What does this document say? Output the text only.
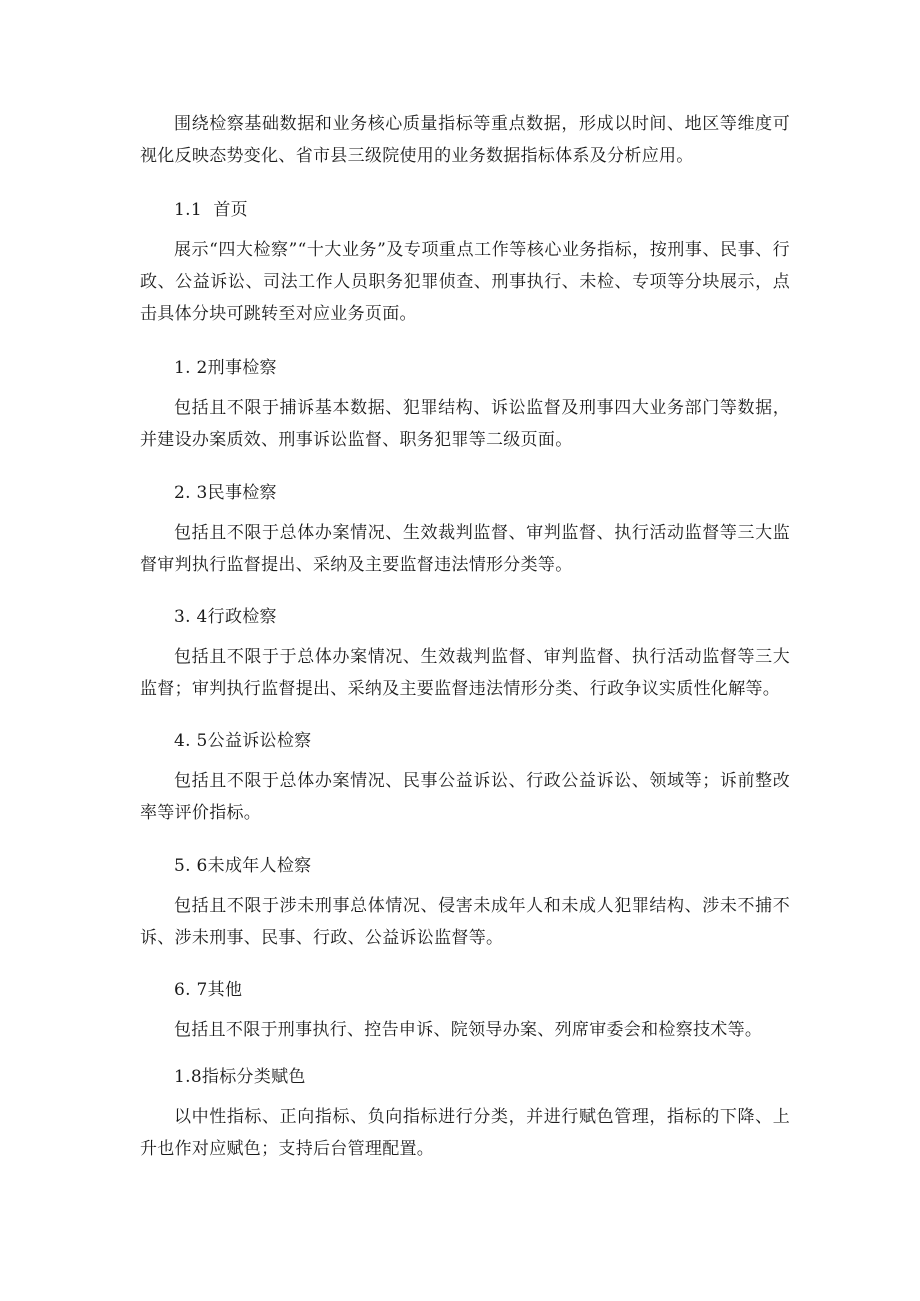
围绕检察基础数据和业务核心质量指标等重点数据，形成以时间、地区等维度可视化反映态势变化、省市县三级院使用的业务数据指标体系及分析应用。

1.1  首页

展示“四大检察”“十大业务”及专项重点工作等核心业务指标，按刑事、民事、行政、公益诉讼、司法工作人员职务犯罪侦查、刑事执行、未检、专项等分块展示，点击具体分块可跳转至对应业务页面。

1. 2刑事检察

包括且不限于捕诉基本数据、犯罪结构、诉讼监督及刑事四大业务部门等数据，并建设办案质效、刑事诉讼监督、职务犯罪等二级页面。

2. 3民事检察

包括且不限于总体办案情况、生效裁判监督、审判监督、执行活动监督等三大监督审判执行监督提出、采纳及主要监督违法情形分类等。

3. 4行政检察

包括且不限于于总体办案情况、生效裁判监督、审判监督、执行活动监督等三大监督；审判执行监督提出、采纳及主要监督违法情形分类、行政争议实质性化解等。

4. 5公益诉讼检察

包括且不限于总体办案情况、民事公益诉讼、行政公益诉讼、领域等；诉前整改率等评价指标。

5. 6未成年人检察

包括且不限于涉未刑事总体情况、侵害未成年人和未成人犯罪结构、涉未不捕不诉、涉未刑事、民事、行政、公益诉讼监督等。

6. 7其他

包括且不限于刑事执行、控告申诉、院领导办案、列席审委会和检察技术等。

1.8指标分类赋色

以中性指标、正向指标、负向指标进行分类，并进行赋色管理，指标的下降、上升也作对应赋色；支持后台管理配置。
